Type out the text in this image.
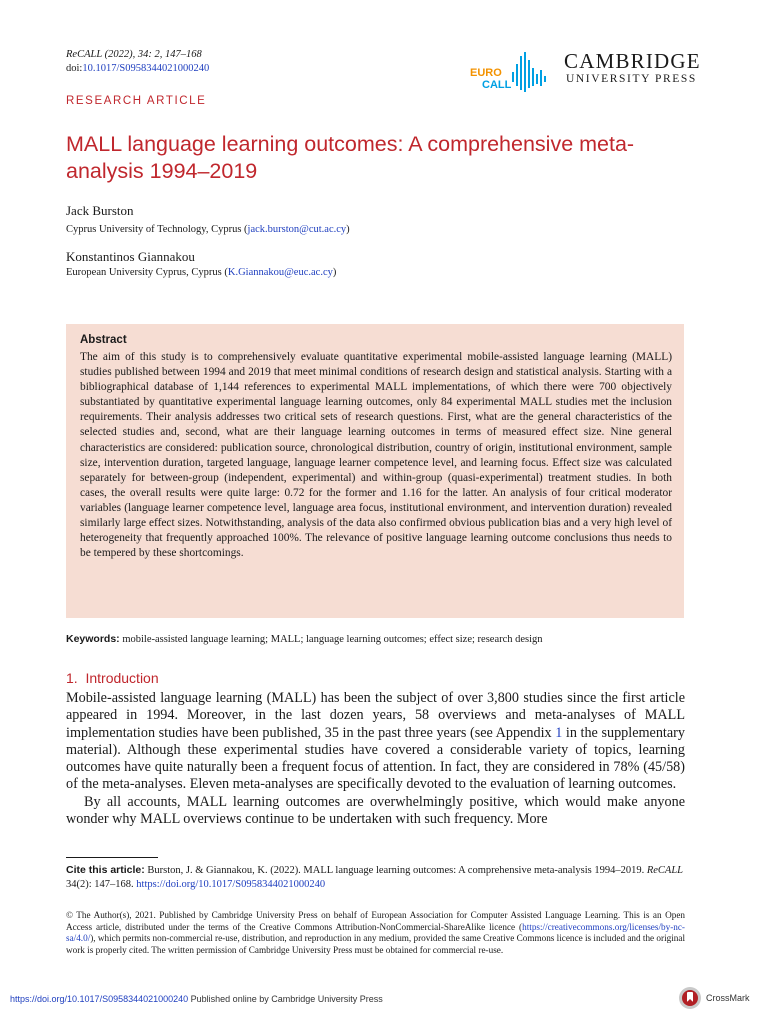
ReCALL (2022), 34: 2, 147–168
doi:10.1017/S0958344021000240	EURO
CALL
CAMBRIDGE
UNIVERSITY PRESS
RESEARCH ARTICLE
MALL language learning outcomes: A comprehensive meta-analysis 1994–2019
Jack Burston
Cyprus University of Technology, Cyprus (jack.burston@cut.ac.cy)
Konstantinos Giannakou
European University Cyprus, Cyprus (K.Giannakou@euc.ac.cy)
Abstract
The aim of this study is to comprehensively evaluate quantitative experimental mobile-assisted language learning (MALL) studies published between 1994 and 2019 that meet minimal conditions of research design and statistical analysis. Starting with a bibliographical database of 1,144 references to experimental MALL implementations, of which there were 700 objectively substantiated by quantitative experimental language learning outcomes, only 84 experimental MALL studies met the inclusion requirements. Their analysis addresses two critical sets of research questions. First, what are the general characteristics of the selected studies and, second, what are their language learning outcomes in terms of measured effect size. Nine general characteristics are considered: publication source, chronological distribution, country of origin, institutional environment, sample size, intervention duration, targeted language, language learner competence level, and learning focus. Effect size was calculated separately for between-group (independent, experimental) and within-group (quasi-experimental) treatment studies. In both cases, the overall results were quite large: 0.72 for the former and 1.16 for the latter. An analysis of four critical moderator variables (language learner competence level, language area focus, institutional environment, and intervention duration) revealed similarly large effect sizes. Notwithstanding, analysis of the data also confirmed obvious publication bias and a very high level of heterogeneity that frequently approached 100%. The relevance of positive language learning outcome conclusions thus needs to be tempered by these shortcomings.
Keywords: mobile-assisted language learning; MALL; language learning outcomes; effect size; research design
1. Introduction

Mobile-assisted language learning (MALL) has been the subject of over 3,800 studies since the first article appeared in 1994. Moreover, in the last dozen years, 58 overviews and meta-analyses of MALL implementation studies have been published, 35 in the past three years (see Appendix 1 in the supplementary material). Although these experimental studies have covered a considerable variety of topics, learning outcomes have quite naturally been a frequent focus of attention. In fact, they are considered in 78% (45/58) of the meta-analyses. Eleven meta-analyses are specifically devoted to the evaluation of learning outcomes.

By all accounts, MALL learning outcomes are overwhelmingly positive, which would make anyone wonder why MALL overviews continue to be undertaken with such frequency. More

Cite this article: Burston, J. & Giannakou, K. (2022). MALL language learning outcomes: A comprehensive meta-analysis 1994–2019. ReCALL 34(2): 147–168. https://doi.org/10.1017/S0958344021000240
© The Author(s), 2021. Published by Cambridge University Press on behalf of European Association for Computer Assisted Language Learning. This is an Open Access article, distributed under the terms of the Creative Commons Attribution-NonCommercial-ShareAlike licence (https://creativecommons.org/licenses/by-nc-sa/4.0/), which permits non-commercial re-use, distribution, and reproduction in any medium, provided the same Creative Commons licence is included and the original work is properly cited. The written permission of Cambridge University Press must be obtained for commercial re-use.
https://doi.org/10.1017/S0958344021000240 Published online by Cambridge University Press	CrossMark
